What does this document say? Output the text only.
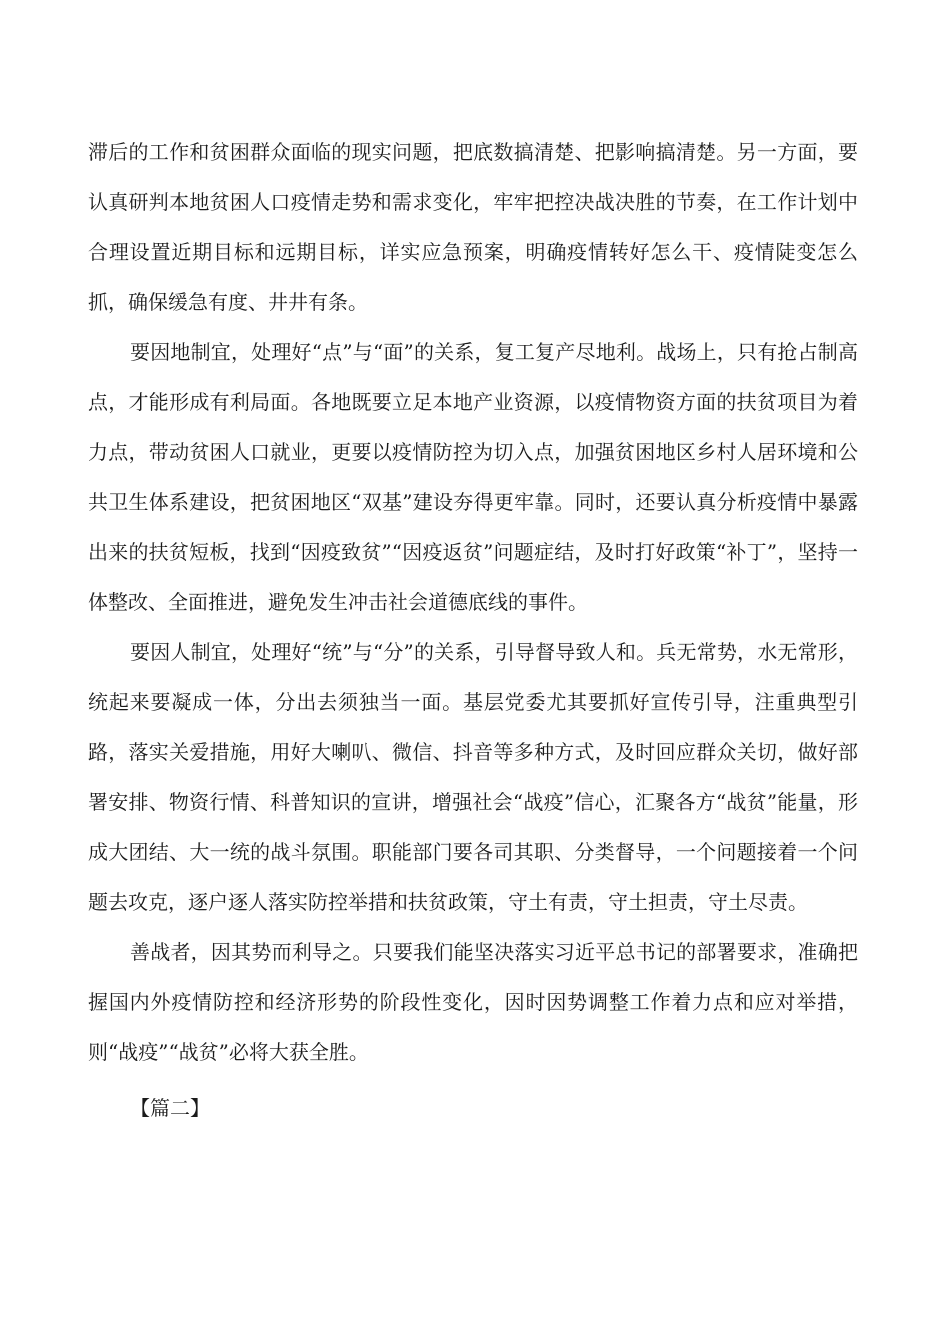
滞后的工作和贫困群众面临的现实问题，把底数搞清楚、把影响搞清楚。另一方面，要认真研判本地贫困人口疫情走势和需求变化，牢牢把控决战决胜的节奏，在工作计划中合理设置近期目标和远期目标，详实应急预案，明确疫情转好怎么干、疫情陡变怎么抓，确保缓急有度、井井有条。

要因地制宜，处理好“点”与“面”的关系，复工复产尽地利。战场上，只有抢占制高点，才能形成有利局面。各地既要立足本地产业资源，以疫情物资方面的扶贫项目为着力点，带动贫困人口就业，更要以疫情防控为切入点，加强贫困地区乡村人居环境和公共卫生体系建设，把贫困地区“双基”建设夯得更牢靠。同时，还要认真分析疫情中暴露出来的扶贫短板，找到“因疫致贫”“因疫返贫”问题症结，及时打好政策“补丁”，坚持一体整改、全面推进，避免发生冲击社会道德底线的事件。

要因人制宜，处理好“统”与“分”的关系，引导督导致人和。兵无常势，水无常形，统起来要凝成一体，分出去须独当一面。基层党委尤其要抓好宣传引导，注重典型引路，落实关爱措施，用好大喇叭、微信、抖音等多种方式，及时回应群众关切，做好部署安排、物资行情、科普知识的宣讲，增强社会“战疫”信心，汇聚各方“战贫”能量，形成大团结、大一统的战斗氛围。职能部门要各司其职、分类督导，一个问题接着一个问题去攻克，逐户逐人落实防控举措和扶贫政策，守土有责，守土担责，守土尽责。

善战者，因其势而利导之。只要我们能坚决落实习近平总书记的部署要求，准确把握国内外疫情防控和经济形势的阶段性变化，因时因势调整工作着力点和应对举措，则“战疫”“战贫”必将大获全胜。

【篇二】
